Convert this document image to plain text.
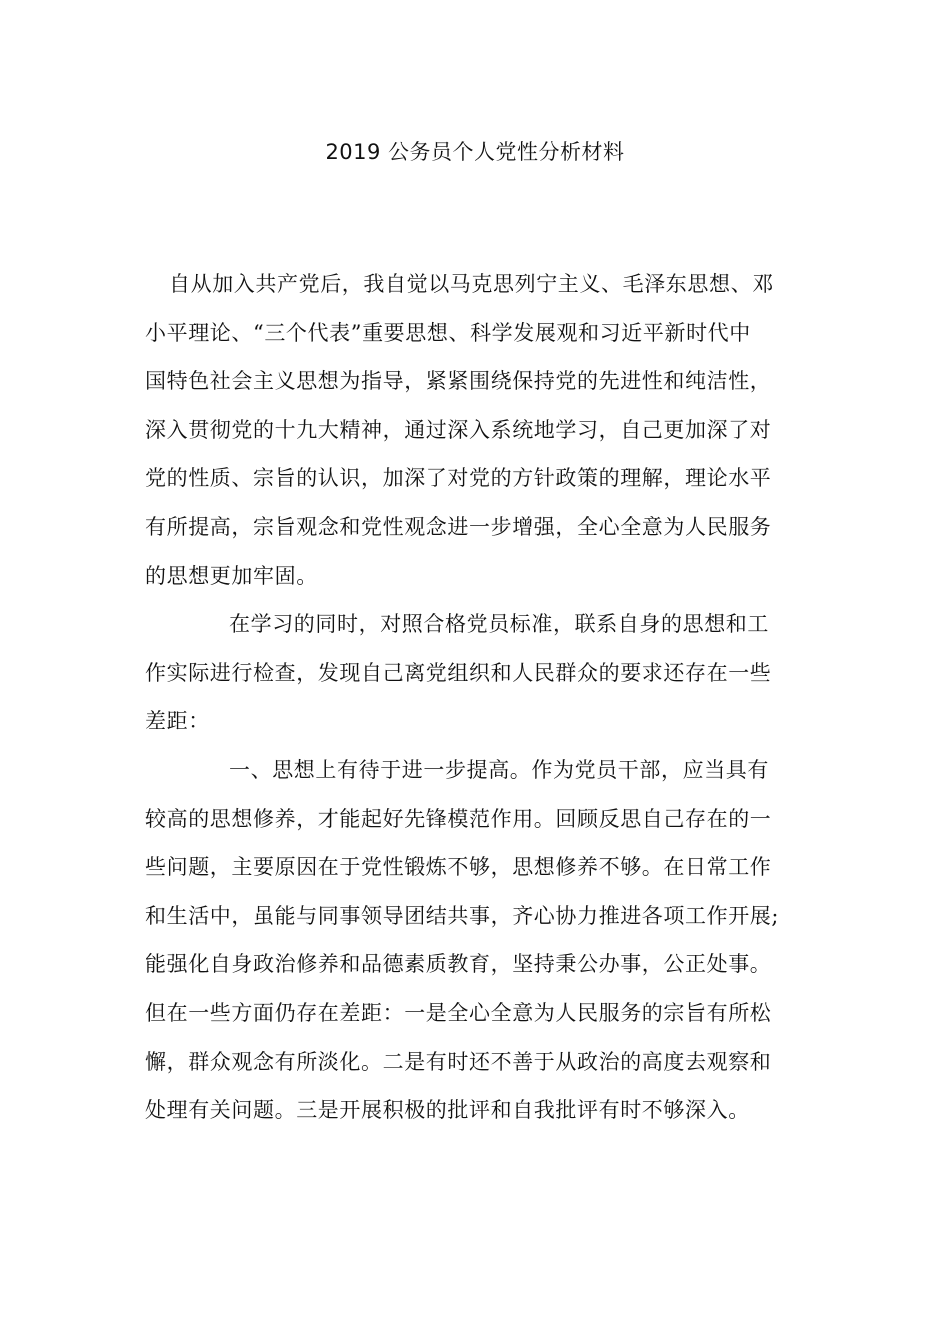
2019 公务员个人党性分析材料
自从加入共产党后，我自觉以马克思列宁主义、毛泽东思想、邓
小平理论、“三个代表”重要思想、科学发展观和习近平新时代中
国特色社会主义思想为指导，紧紧围绕保持党的先进性和纯洁性，
深入贯彻党的十九大精神，通过深入系统地学习，自己更加深了对
党的性质、宗旨的认识，加深了对党的方针政策的理解，理论水平
有所提高，宗旨观念和党性观念进一步增强，全心全意为人民服务
的思想更加牢固。
在学习的同时，对照合格党员标准，联系自身的思想和工
作实际进行检查，发现自己离党组织和人民群众的要求还存在一些
差距：
一、思想上有待于进一步提高。作为党员干部，应当具有
较高的思想修养，才能起好先锋模范作用。回顾反思自己存在的一
些问题，主要原因在于党性锻炼不够，思想修养不够。在日常工作
和生活中，虽能与同事领导团结共事，齐心协力推进各项工作开展;
能强化自身政治修养和品德素质教育，坚持秉公办事，公正处事。
但在一些方面仍存在差距：一是全心全意为人民服务的宗旨有所松
懈，群众观念有所淡化。二是有时还不善于从政治的高度去观察和
处理有关问题。三是开展积极的批评和自我批评有时不够深入。
